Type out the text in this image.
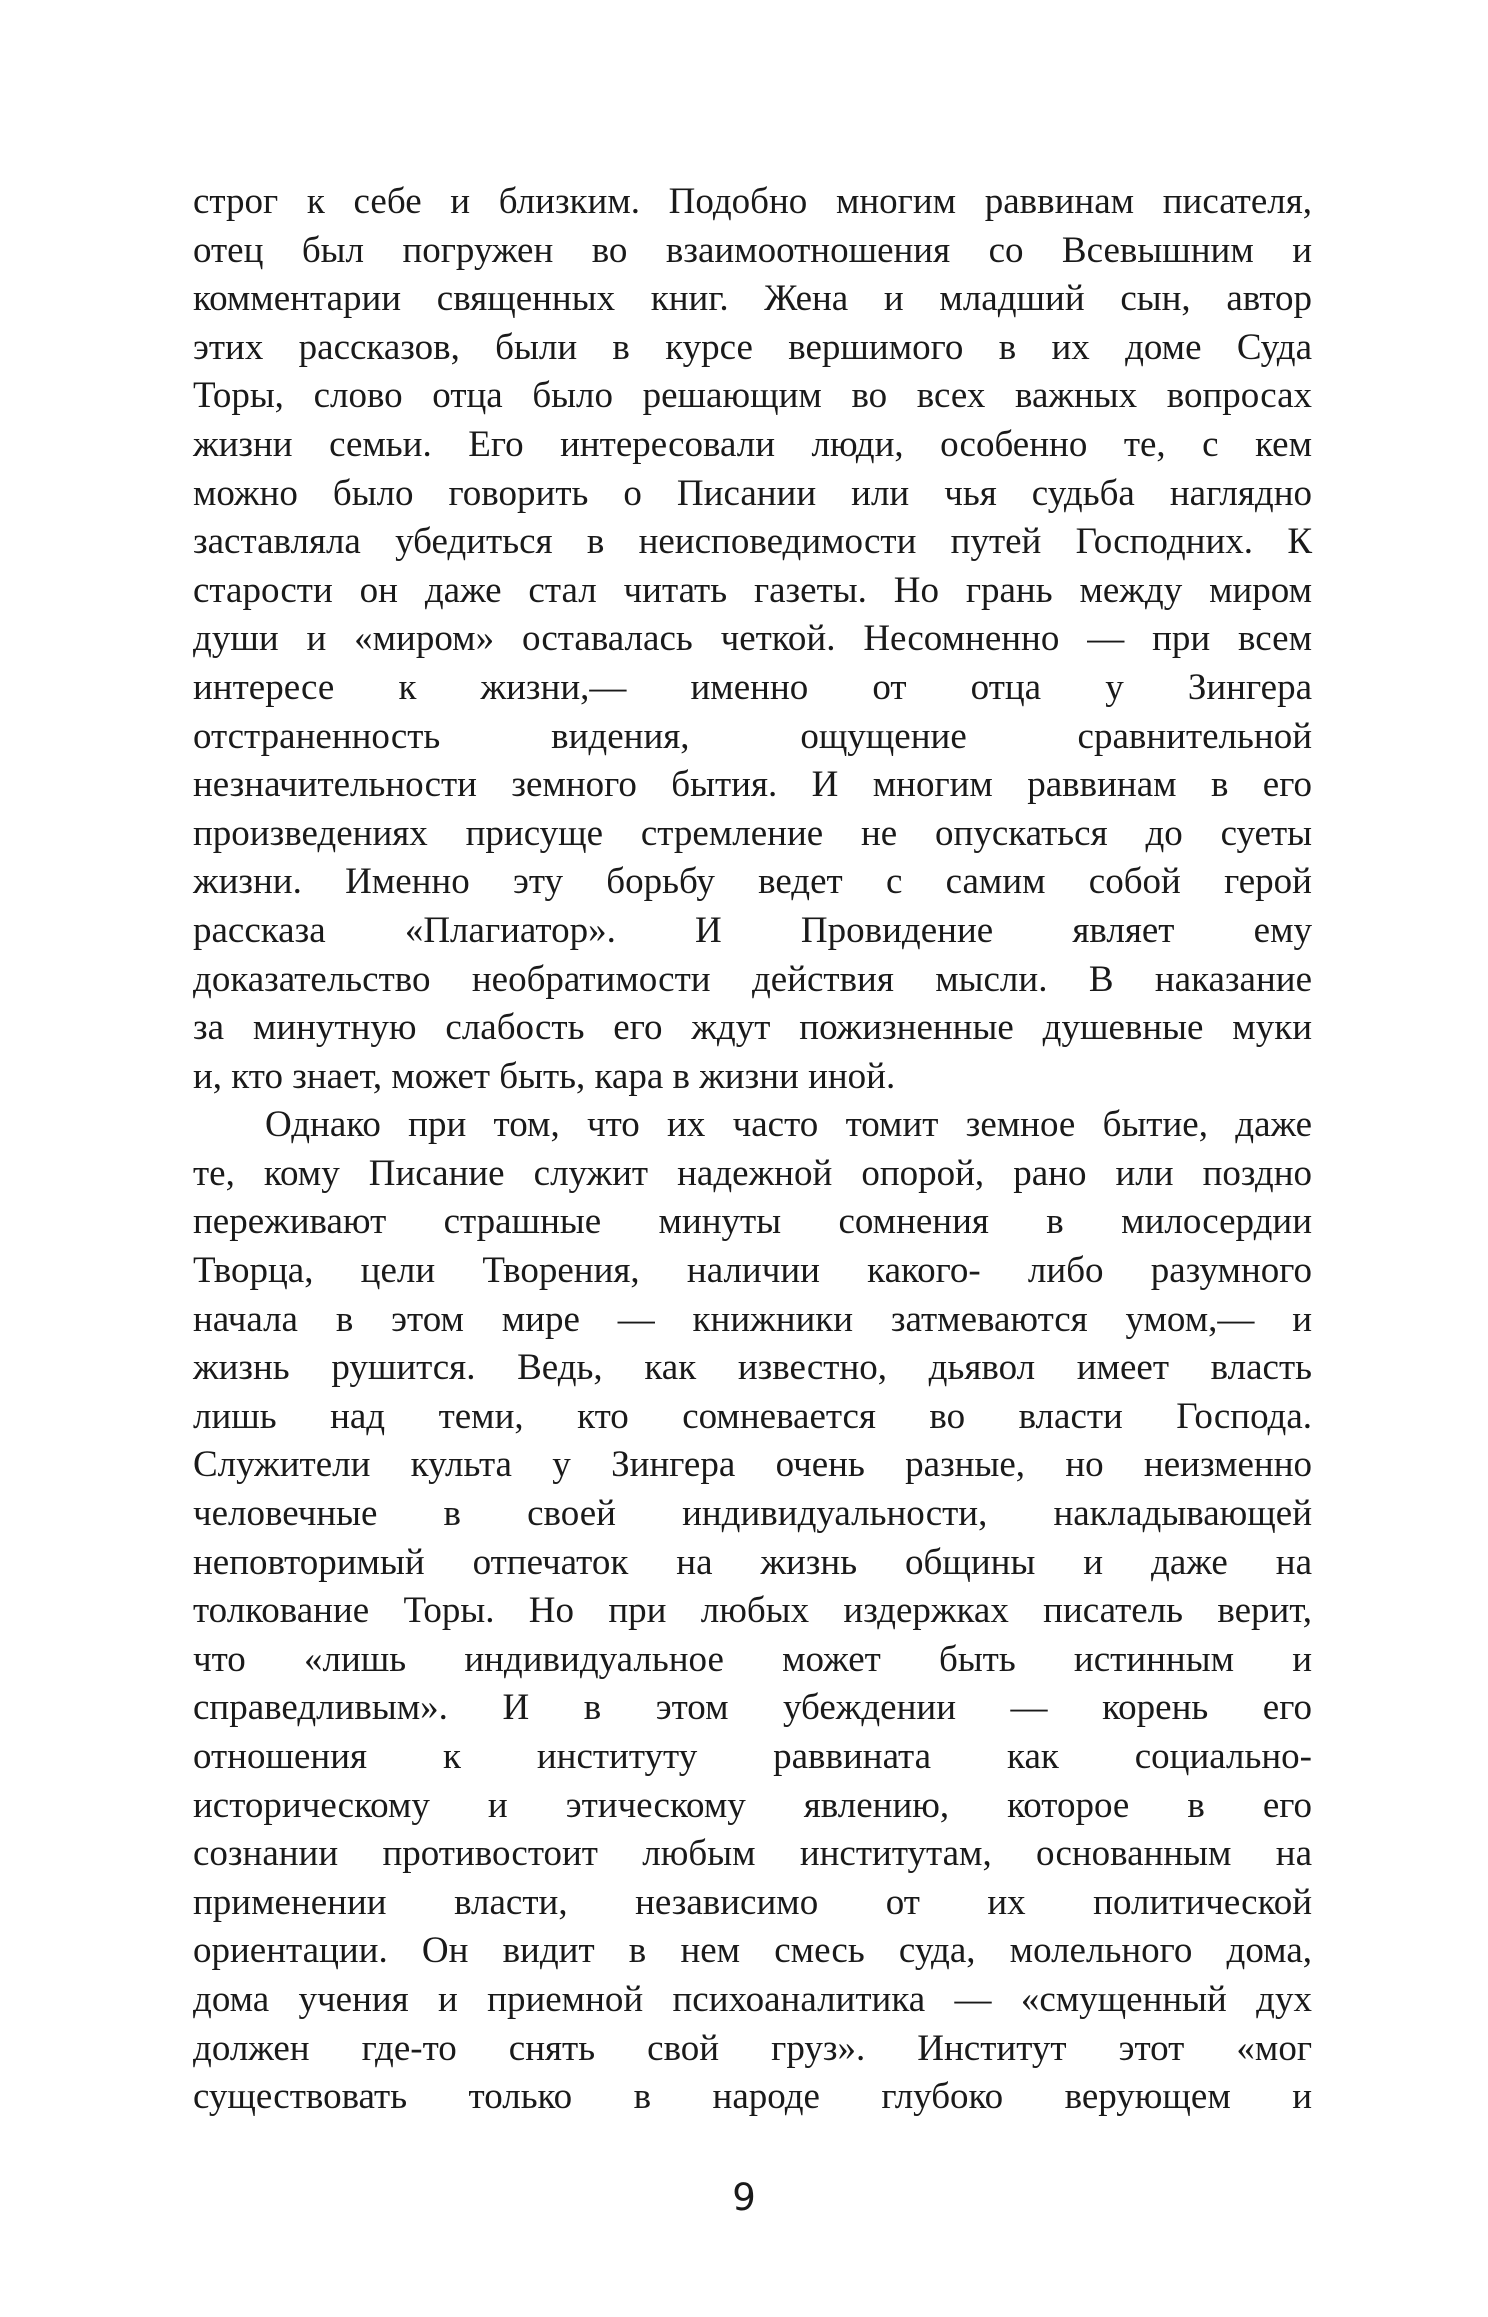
строг к себе и близким. Подобно многим раввинам писателя,
отец был погружен во взаимоотношения со Всевышним и
комментарии священных книг. Жена и младший сын, автор
этих рассказов, были в курсе вершимого в их доме Суда
Торы, слово отца было решающим во всех важных вопросах
жизни семьи. Его интересовали люди, особенно те, с кем
можно было говорить о Писании или чья судьба наглядно
заставляла убедиться в неисповедимости путей Господних. К
старости он даже стал читать газеты. Но грань между миром
души и «миром» оставалась четкой. Несомненно — при всем
интересе к жизни,— именно от отца у Зингера
отстраненность видения, ощущение сравнительной
незначительности земного бытия. И многим раввинам в его
произведениях присуще стремление не опускаться до суеты
жизни. Именно эту борьбу ведет с самим собой герой
рассказа «Плагиатор». И Провидение являет ему
доказательство необратимости действия мысли. В наказание
за минутную слабость его ждут пожизненные душевные муки
и, кто знает, может быть, кара в жизни иной.

Однако при том, что их часто томит земное бытие, даже
те, кому Писание служит надежной опорой, рано или поздно
переживают страшные минуты сомнения в милосердии
Творца, цели Творения, наличии какого- либо разумного
начала в этом мире — книжники затмеваются умом,— и
жизнь рушится. Ведь, как известно, дьявол имеет власть
лишь над теми, кто сомневается во власти Господа.
Служители культа у Зингера очень разные, но неизменно
человечные в своей индивидуальности, накладывающей
неповторимый отпечаток на жизнь общины и даже на
толкование Торы. Но при любых издержках писатель верит,
что «лишь индивидуальное может быть истинным и
справедливым». И в этом убеждении — корень его
отношения к институту раввината как социально-
историческому и этическому явлению, которое в его
сознании противостоит любым институтам, основанным на
применении власти, независимо от их политической
ориентации. Он видит в нем смесь суда, молельного дома,
дома учения и приемной психоаналитика — «смущенный дух
должен где-то снять свой груз». Институт этот «мог
существовать только в народе глубоко верующем и

9
